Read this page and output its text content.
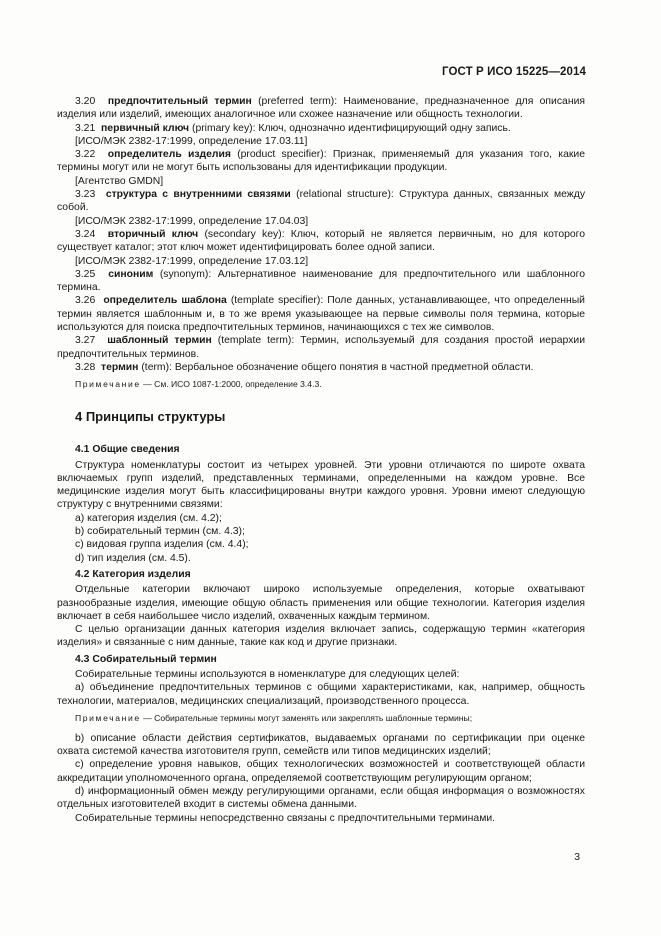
ГОСТ Р ИСО 15225—2014

3.20 предпочтительный термин (preferred term): Наименование, предназначенное для описания изделия или изделий, имеющих аналогичное или схожее назначение или общность технологии.

3.21 первичный ключ (primary key): Ключ, однозначно идентифицирующий одну запись.

[ИСО/МЭК 2382-17:1999, определение 17.03.11]

3.22 определитель изделия (product specifier): Признак, применяемый для указания того, какие термины могут или не могут быть использованы для идентификации продукции.

[Агентство GMDN]

3.23 структура с внутренними связями (relational structure): Структура данных, связанных между собой.

[ИСО/МЭК 2382-17:1999, определение 17.04.03]

3.24 вторичный ключ (secondary key): Ключ, который не является первичным, но для которого существует каталог; этот ключ может идентифицировать более одной записи.

[ИСО/МЭК 2382-17:1999, определение 17.03.12]

3.25 синоним (synonym): Альтернативное наименование для предпочтительного или шаблонного термина.

3.26 определитель шаблона (template specifier): Поле данных, устанавливающее, что определенный термин является шаблонным и, в то же время указывающее на первые символы поля термина, которые используются для поиска предпочтительных терминов, начинающихся с тех же символов.

3.27 шаблонный термин (template term): Термин, используемый для создания простой иерархии предпочтительных терминов.

3.28 термин (term): Вербальное обозначение общего понятия в частной предметной области.

Примечание — См. ИСО 1087-1:2000, определение 3.4.3.

4 Принципы структуры
4.1 Общие сведения

Структура номенклатуры состоит из четырех уровней. Эти уровни отличаются по широте охвата включаемых групп изделий, представленных терминами, определенными на каждом уровне. Все медицинские изделия могут быть классифицированы внутри каждого уровня. Уровни имеют следующую структуру с внутренними связями:

a) категория изделия (см. 4.2);
b) собирательный термин (см. 4.3);
c) видовая группа изделия (см. 4.4);
d) тип изделия (см. 4.5).
4.2 Категория изделия

Отдельные категории включают широко используемые определения, которые охватывают разнообразные изделия, имеющие общую область применения или общие технологии. Категория изделия включает в себя наибольшее число изделий, охваченных каждым термином.

С целью организации данных категория изделия включает запись, содержащую термин «категория изделия» и связанные с ним данные, такие как код и другие признаки.

4.3 Собирательный термин

Собирательные термины используются в номенклатуре для следующих целей:

a) объединение предпочтительных терминов с общими характеристиками, как, например, общность технологии, материалов, медицинских специализаций, производственного процесса.

Примечание — Собирательные термины могут заменять или закреплять шаблонные термины;

b) описание области действия сертификатов, выдаваемых органами по сертификации при оценке охвата системой качества изготовителя групп, семейств или типов медицинских изделий;

c) определение уровня навыков, общих технологических возможностей и соответствующей области аккредитации уполномоченного органа, определяемой соответствующим регулирующим органом;

d) информационный обмен между регулирующими органами, если общая информация о возможностях отдельных изготовителей входит в системы обмена данными.

Собирательные термины непосредственно связаны с предпочтительными терминами.

3
